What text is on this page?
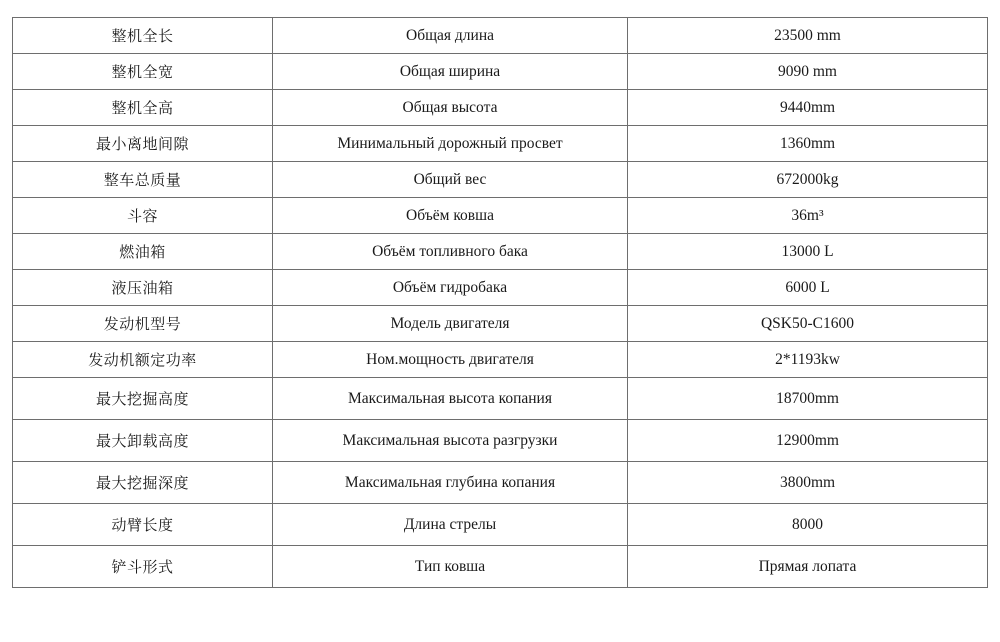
整机全长	Общая длина	23500 mm
整机全宽	Общая ширина	9090 mm
整机全高	Общая высота	9440mm
最小离地间隙	Минимальный дорожный просвет	1360mm
整车总质量	Общий вес	672000kg
斗容	Объём ковша	36m³
燃油箱	Объём топливного бака	13000 L
液压油箱	Объём гидробака	6000 L
发动机型号	Модель двигателя	QSK50-C1600
发动机额定功率	Ном.мощность двигателя	2*1193kw
最大挖掘高度	Максимальная высота копания	18700mm
最大卸载高度	Максимальная высота разгрузки	12900mm
最大挖掘深度	Максимальная глубина копания	3800mm
动臂长度	Длина стрелы	8000
铲斗形式	Тип ковша	Прямая лопата
